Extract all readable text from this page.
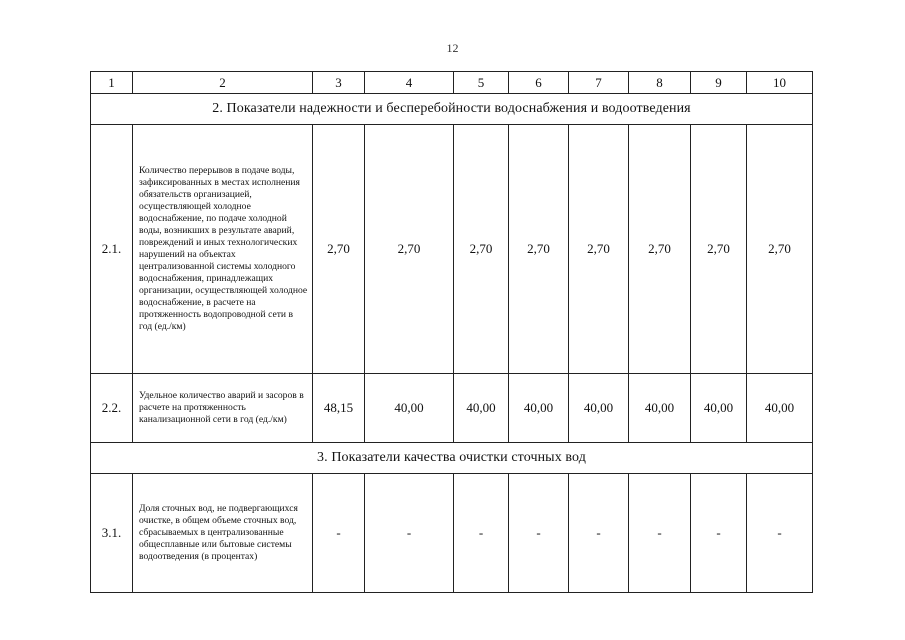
12
1	2	3	4	5	6	7	8	9	10
2. Показатели надежности и бесперебойности водоснабжения и водоотведения									
2.1.	Количество перерывов в подаче воды, зафиксированных в местах исполнения обязательств организацией, осуществляющей холодное водоснабжение, по подаче холодной воды, возникших в результате аварий, повреждений и иных технологических нарушений на объектах централизованной системы холодного водоснабжения, принадлежащих организации, осуществляющей холодное водоснабжение, в расчете на протяженность водопроводной сети в год (ед./км)	2,70	2,70	2,70	2,70	2,70	2,70	2,70	2,70
2.2.	Удельное количество аварий и засоров в расчете на протяженность канализационной сети в год (ед./км)	48,15	40,00	40,00	40,00	40,00	40,00	40,00	40,00
3. Показатели качества очистки сточных вод									
3.1.	Доля сточных вод, не подвергающихся очистке, в общем объеме сточных вод, сбрасываемых в централизованные общесплавные или бытовые системы водоотведения (в процентах)	-	-	-	-	-	-	-	-
